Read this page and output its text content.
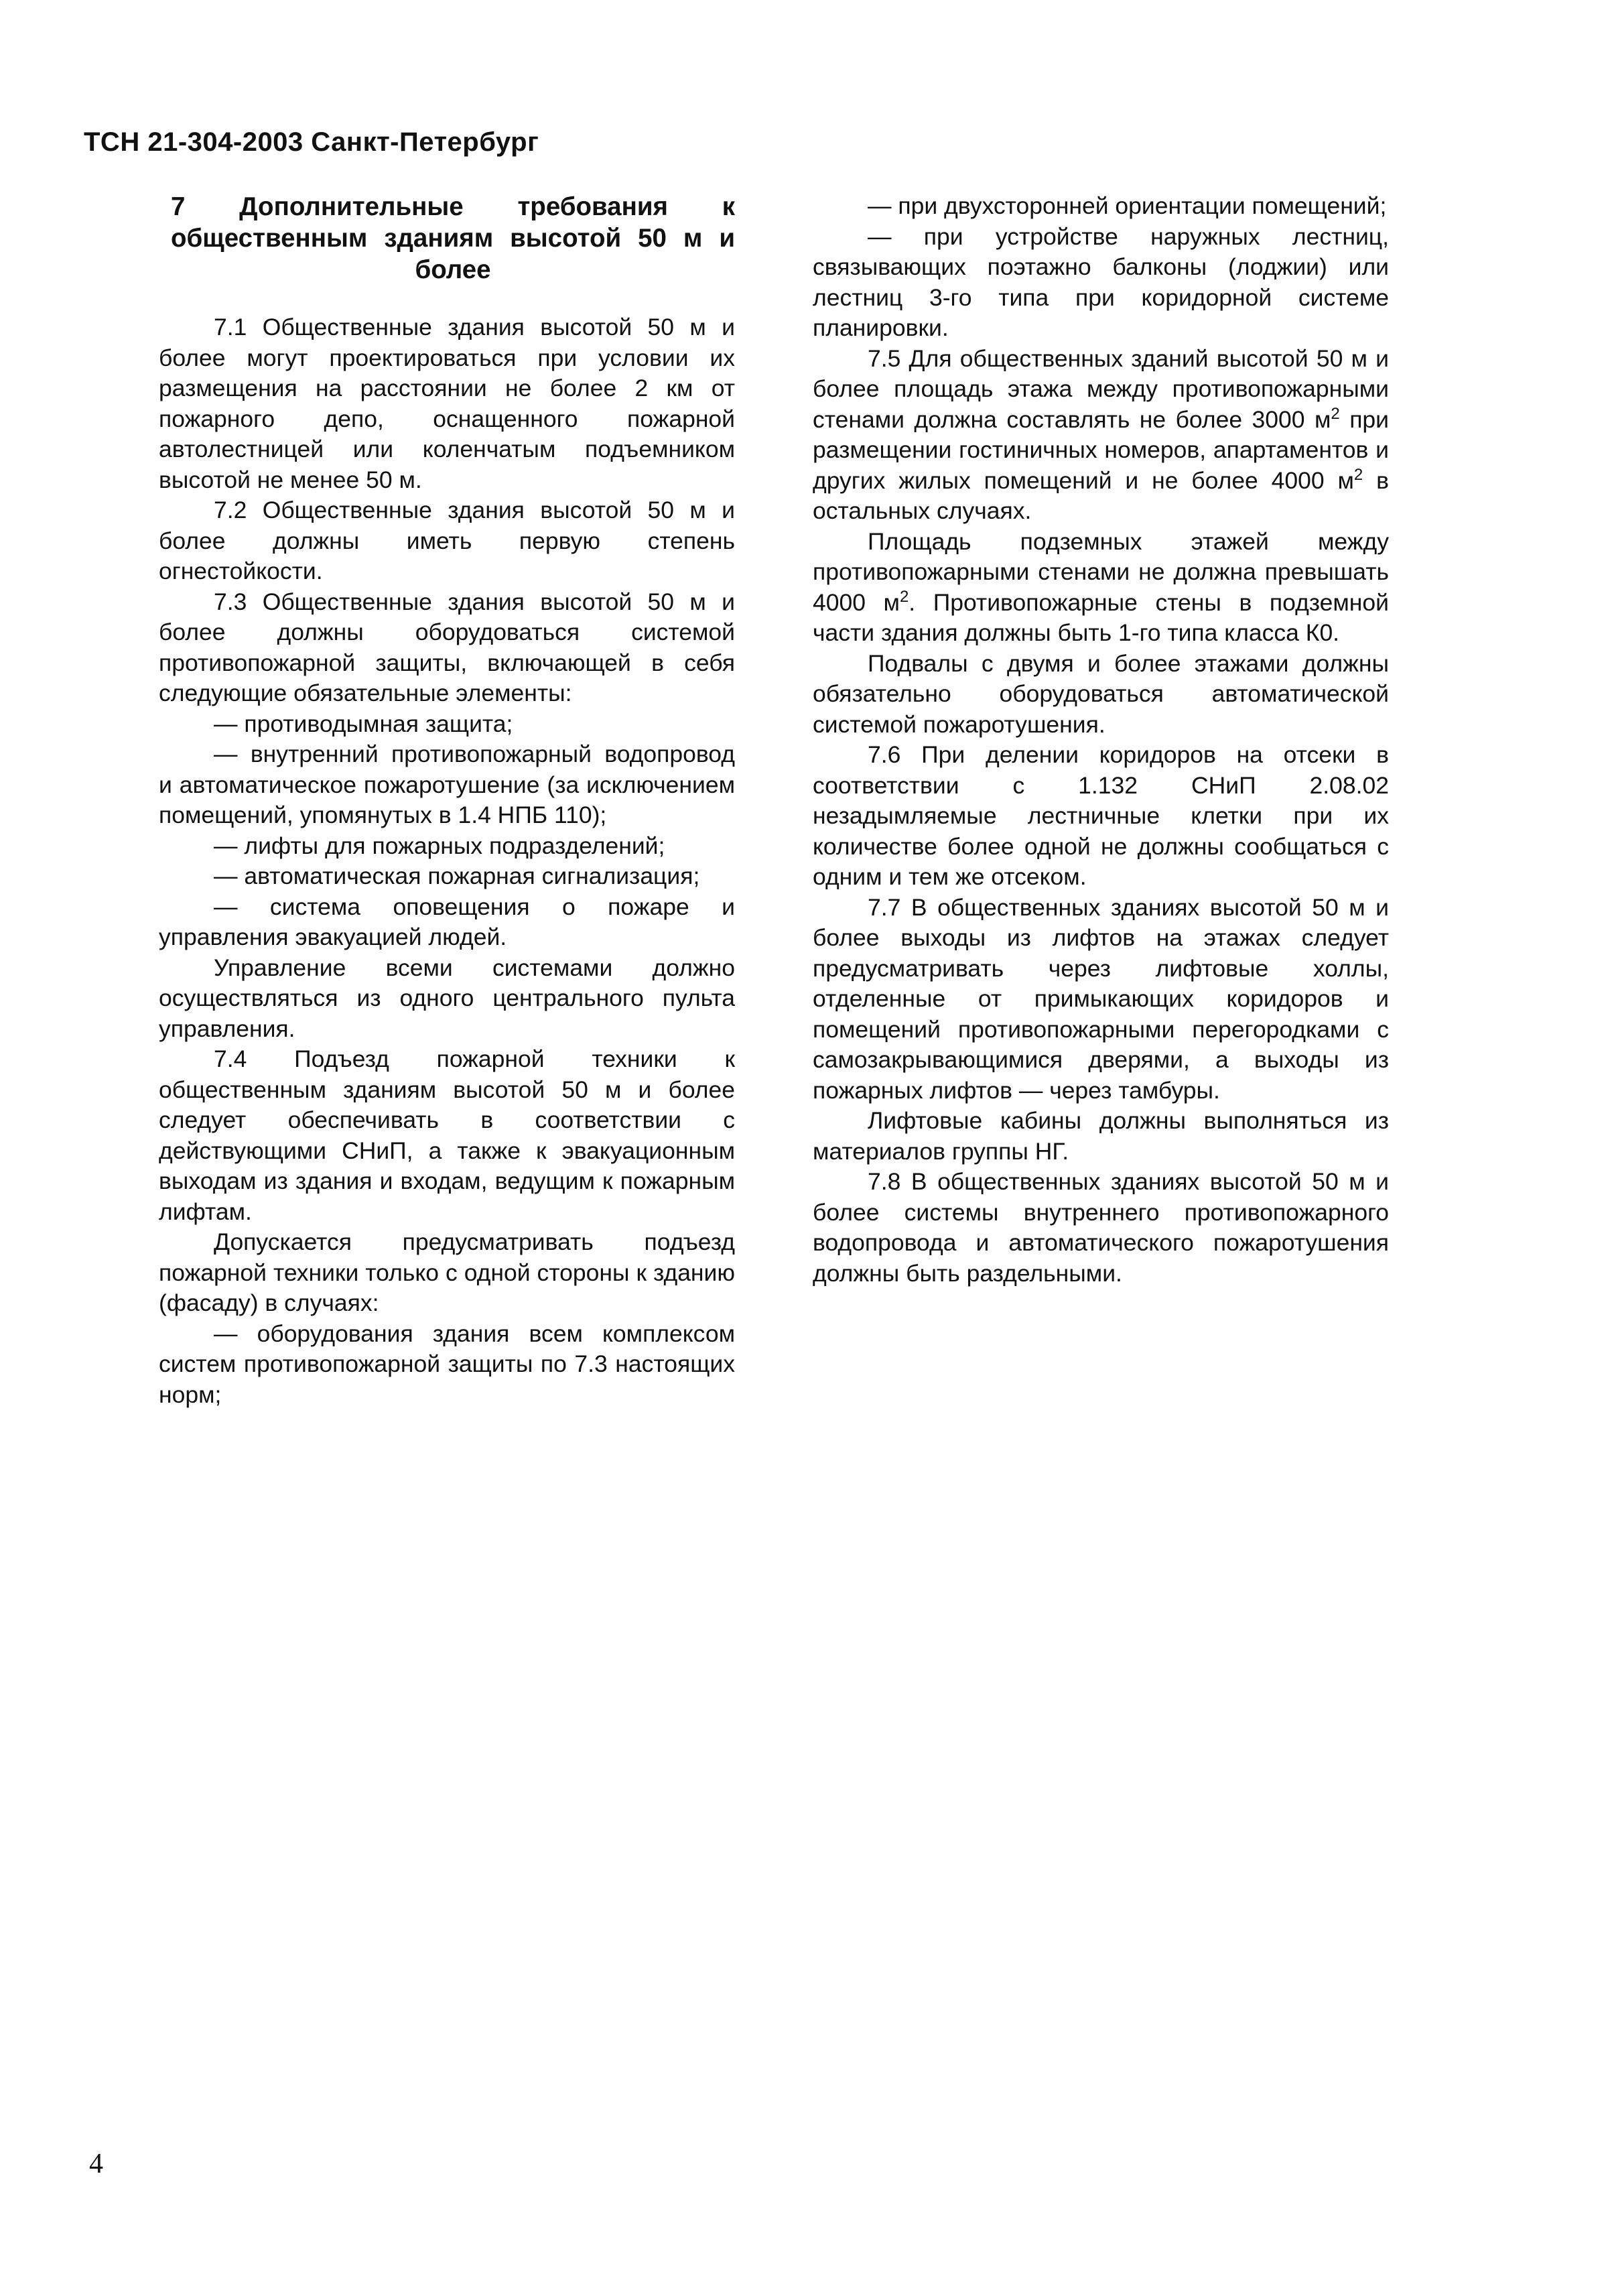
ТСН 21-304-2003 Санкт-Петербург
7 Дополнительные требования к общественным зданиям высотой 50 м и более

7.1 Общественные здания высотой 50 м и более могут проектироваться при условии их размещения на расстоянии не более 2 км от пожарного депо, оснащенного пожарной автолестницей или коленчатым подъемником высотой не менее 50 м.

7.2 Общественные здания высотой 50 м и более должны иметь первую степень огнестойкости.

7.3 Общественные здания высотой 50 м и более должны оборудоваться системой противопожарной защиты, включающей в себя следующие обязательные элементы:

— противодымная защита;

— внутренний противопожарный водопровод и автоматическое пожаротушение (за исключением помещений, упомянутых в 1.4 НПБ 110);

— лифты для пожарных подразделений;

— автоматическая пожарная сигнализация;

— система оповещения о пожаре и управления эвакуацией людей.

Управление всеми системами должно осуществляться из одного центрального пульта управления.

7.4 Подъезд пожарной техники к общественным зданиям высотой 50 м и более следует обеспечивать в соответствии с действующими СНиП, а также к эвакуационным выходам из здания и входам, ведущим к пожарным лифтам.

Допускается предусматривать подъезд пожарной техники только с одной стороны к зданию (фасаду) в случаях:

— оборудования здания всем комплексом систем противопожарной защиты по 7.3 настоящих норм;

— при двухсторонней ориентации помещений;

— при устройстве наружных лестниц, связывающих поэтажно балконы (лоджии) или лестниц 3-го типа при коридорной системе планировки.

7.5 Для общественных зданий высотой 50 м и более площадь этажа между противопожарными стенами должна составлять не более 3000 $м^2$ при размещении гостиничных номеров, апартаментов и других жилых помещений и не более 4000 $м^2$ в остальных случаях.

Площадь подземных этажей между противопожарными стенами не должна превышать 4000 $м^2$. Противопожарные стены в подземной части здания должны быть 1-го типа класса К0.

Подвалы с двумя и более этажами должны обязательно оборудоваться автоматической системой пожаротушения.

7.6 При делении коридоров на отсеки в соответствии с 1.132 СНиП 2.08.02 незадымляемые лестничные клетки при их количестве более одной не должны сообщаться с одним и тем же отсеком.

7.7 В общественных зданиях высотой 50 м и более выходы из лифтов на этажах следует предусматривать через лифтовые холлы, отделенные от примыкающих коридоров и помещений противопожарными перегородками с самозакрывающимися дверями, а выходы из пожарных лифтов — через тамбуры.

Лифтовые кабины должны выполняться из материалов группы НГ.

7.8 В общественных зданиях высотой 50 м и более системы внутреннего противопожарного водопровода и автоматического пожаротушения должны быть раздельными.

4
